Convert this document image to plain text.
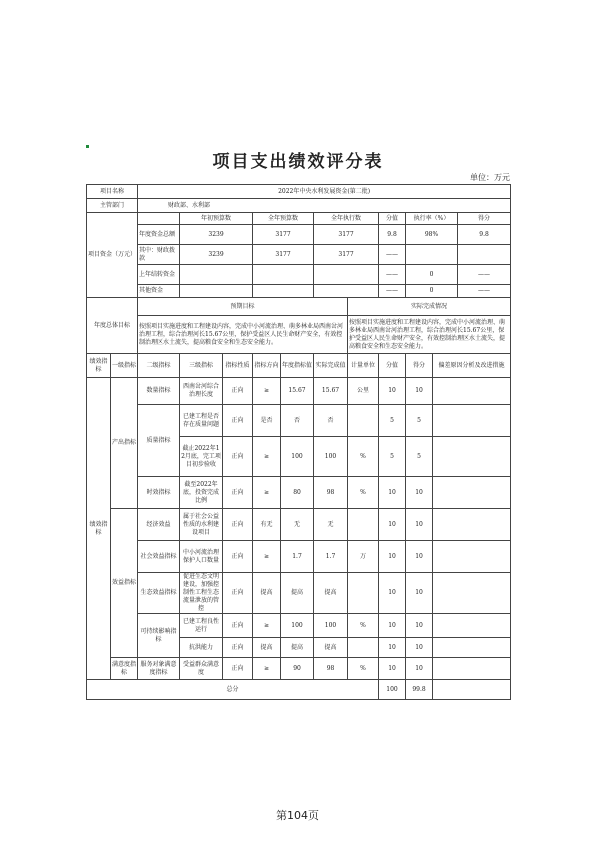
项目支出绩效评分表
单位：万元
项目名称		2022年中央水利发展资金(第二批)										
主管部门		财政部、水利部										
项目资金（万元）			年初预算数		全年预算数		全年执行数		分值	执行率（%）		得分
		年度资金总额	3239		3177		3177		9.8	98%		9.8
		其中：财政拨款	3239		3177		3177		——			
		上年结转资金							——	0		——
		其他资金							——	0		——
年度总体目标		预期目标						实际完成情况				
		按照项目实施进度和工程建设内容，完成中小河流治理、萌多林业局西南岔河治理工程，综合治理河长15.67公里，保护受益区人民生命财产安全，有效控制治理区水土流失，提高粮食安全和生态安全能力。						按照项目实施进度和工程建设内容，完成中小河流治理、萌多林业局西南岔河治理工程，综合治理河长15.67公里，保护受益区人民生命财产安全，有效控制治理区水土流失，提高粮食安全和生态安全能力。				
绩效指标	一级指标	二级指标	三级指标	指标性质	指标方向	年度指标值	实际完成值	计量单位	分值	得分	偏差原因分析及改进措施	
绩效指标	产出指标	数量指标	西南岔河综合治理长度	正向	≥	15.67	15.67	公里	10	10		
		质量指标	已建工程是否存在质量问题	正向	是否	否	否		5	5		
			截止2022年12月底，完工项目初步验收	正向	≥	100	100	%	5	5		
		时效指标	截至2022年底，投资完成比例	正向	≥	80	98	%	10	10		
	效益指标	经济效益	属于社会公益性质的水利建设项目	正向	有无	无	无		10	10		
		社会效益指标	中小河流治理保护人口数量	正向	≥	1.7	1.7	万	10	10		
		生态效益指标	促进生态文明建设，加强控制性工程生态流量泄放的管控	正向	提高	提高	提高		10	10		
		可持续影响指标	已建工程良性运行	正向	≥	100	100	%	10	10		
			抗洪能力	正向	提高	提高	提高		10	10		
	满意度指标	服务对象满意度指标	受益群众满意度	正向	≥	90	98	%	10	10		
总分									100	99.8		
第104页
